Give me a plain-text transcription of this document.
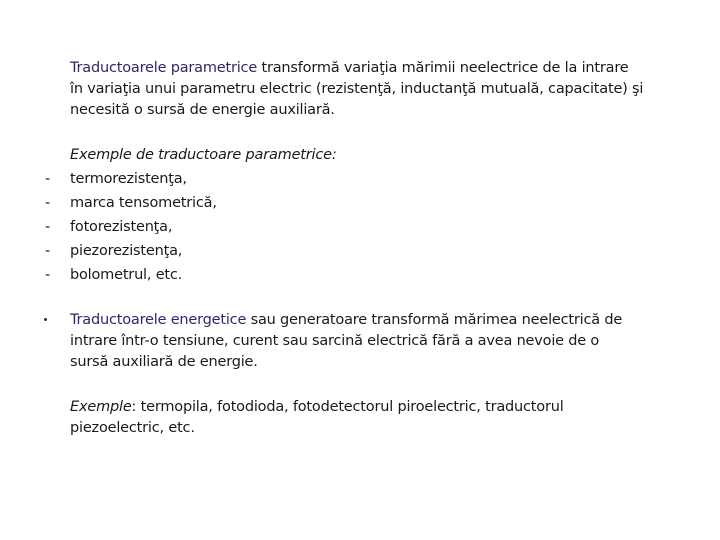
Traductoarele parametrice transformă variaţia mărimii neelectrice de la intrare
în variaţia unui parametru electric (rezistenţă, inductanţă mutuală, capacitate) şi
necesită o sursă de energie auxiliară.
Exemple de traductoare parametrice:
- termorezistenţa,
- marca tensometrică,
- fotorezistenţa,
- piezorezistenţa,
- bolometrul, etc.
Traductoarele energetice sau generatoare transformă mărimea neelectrică de
intrare într-o tensiune, curent sau sarcină electrică fără a avea nevoie de o
sursă auxiliară de energie.
Exemple: termopila, fotodioda, fotodetectorul piroelectric, traductorul
piezoelectric, etc.
